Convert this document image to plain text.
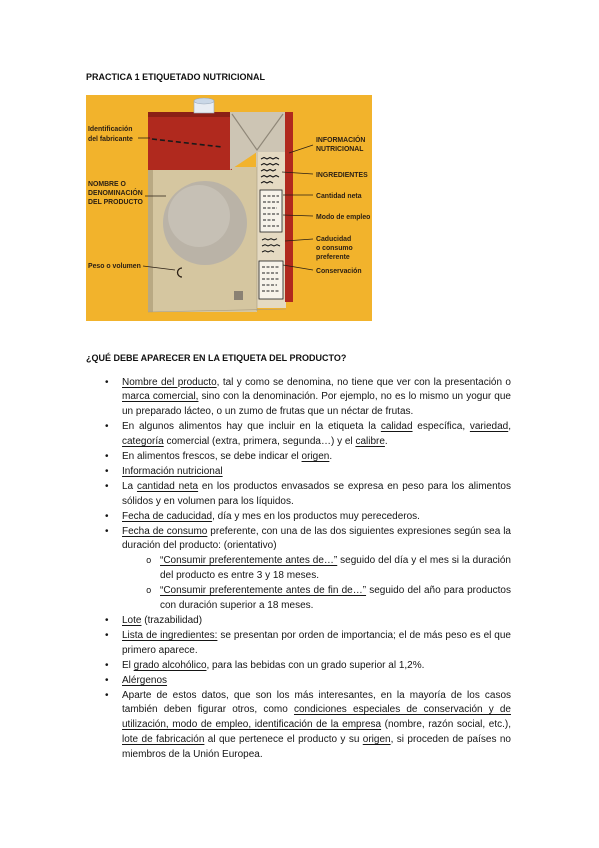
PRACTICA 1 ETIQUETADO NUTRICIONAL
Identificación
del fabricante
NOMBRE O
DENOMINACIÓN
DEL PRODUCTO
Peso o volumen
INFORMACIÓN
NUTRICIONAL
INGREDIENTES
Cantidad neta
Modo de empleo
Caducidad
o consumo
preferente
Conservación
¿QUÉ DEBE APARECER EN LA ETIQUETA DEL PRODUCTO?
• Nombre del producto, tal y como se denomina, no tiene que ver con la presentación o
marca comercial, sino con la denominación. Por ejemplo, no es lo mismo un yogur que
un preparado lácteo, o un zumo de frutas que un néctar de frutas.
• En algunos alimentos hay que incluir en la etiqueta la calidad específica, variedad,
categoría comercial (extra, primera, segunda…) y el calibre.
• En alimentos frescos, se debe indicar el origen.
• Información nutricional
• La cantidad neta en los productos envasados se expresa en peso para los alimentos
sólidos y en volumen para los líquidos.
• Fecha de caducidad, día y mes en los productos muy perecederos.
• Fecha de consumo preferente, con una de las dos siguientes expresiones según sea la
duración del producto: (orientativo)
o “Consumir preferentemente antes de…” seguido del día y el mes si la duración
del producto es entre 3 y 18 meses.
o “Consumir preferentemente antes de fin de…” seguido del año para productos
con duración superior a 18 meses.
• Lote (trazabilidad)
• Lista de ingredientes: se presentan por orden de importancia; el de más peso es el que
primero aparece.
• El grado alcohólico, para las bebidas con un grado superior al 1,2%.
• Alérgenos
• Aparte de estos datos, que son los más interesantes, en la mayoría de los casos
también deben figurar otros, como condiciones especiales de conservación y de
utilización, modo de empleo, identificación de la empresa (nombre, razón social, etc.),
lote de fabricación al que pertenece el producto y su origen, si proceden de países no
miembros de la Unión Europea.
